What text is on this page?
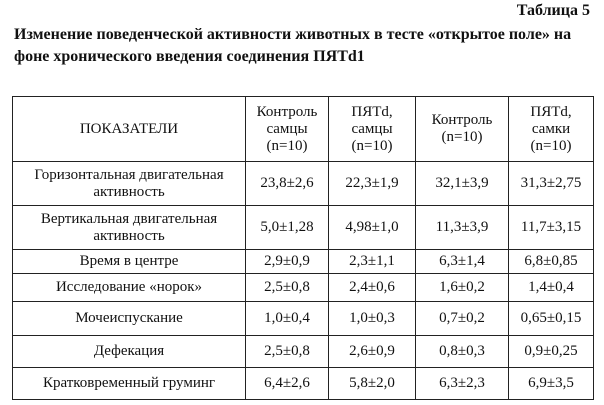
Таблица 5
Изменение поведенческой активности животных в тесте «открытое поле» на фоне хронического введения соединения ПЯТd1
ПОКАЗАТЕЛИ	Контроль самцы (n=10)	ПЯТd, самцы (n=10)	Контроль (n=10)	ПЯТd, самки (n=10)
Горизонтальная двигательная активность	23,8±2,6	22,3±1,9	32,1±3,9	31,3±2,75
Вертикальная двигательная активность	5,0±1,28	4,98±1,0	11,3±3,9	11,7±3,15
Время в центре	2,9±0,9	2,3±1,1	6,3±1,4	6,8±0,85
Исследование «норок»	2,5±0,8	2,4±0,6	1,6±0,2	1,4±0,4
Мочеиспускание	1,0±0,4	1,0±0,3	0,7±0,2	0,65±0,15
Дефекация	2,5±0,8	2,6±0,9	0,8±0,3	0,9±0,25
Кратковременный груминг	6,4±2,6	5,8±2,0	6,3±2,3	6,9±3,5
